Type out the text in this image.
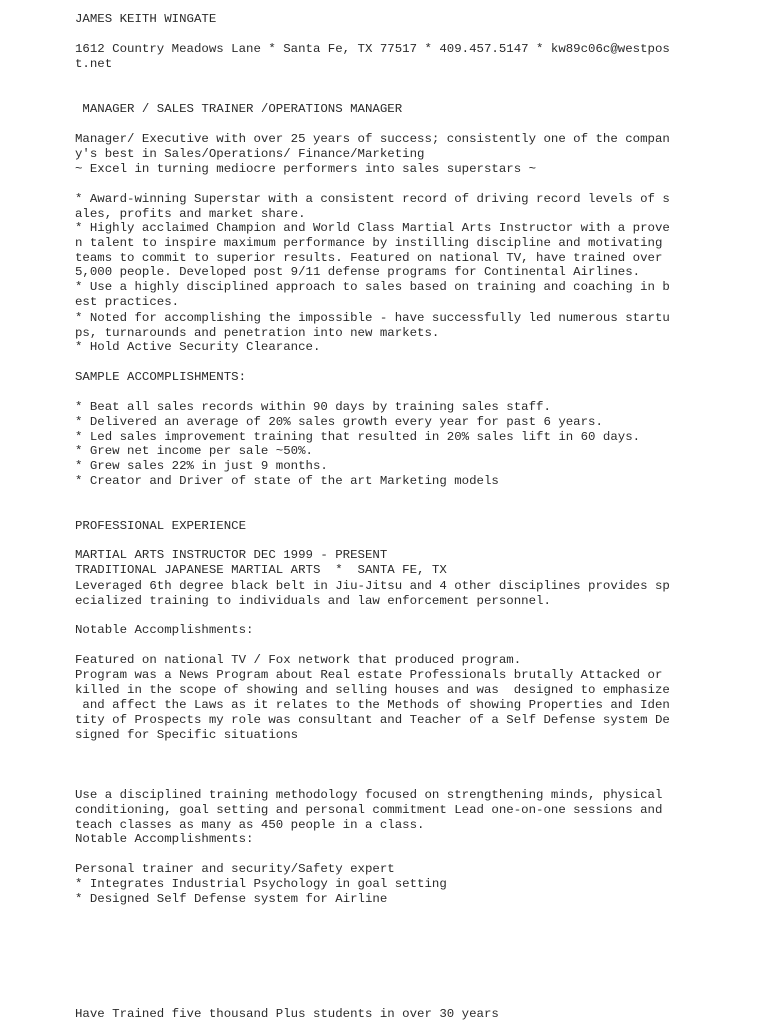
JAMES KEITH WINGATE
1612 Country Meadows Lane * Santa Fe, TX 77517 * 409.457.5147 * kw89c06c@westpos
t.net
MANAGER / SALES TRAINER /OPERATIONS MANAGER
Manager/ Executive with over 25 years of success; consistently one of the compan
y's best in Sales/Operations/ Finance/Marketing
~ Excel in turning mediocre performers into sales superstars ~
* Award-winning Superstar with a consistent record of driving record levels of s
ales, profits and market share.
* Highly acclaimed Champion and World Class Martial Arts Instructor with a prove
n talent to inspire maximum performance by instilling discipline and motivating
teams to commit to superior results. Featured on national TV, have trained over
5,000 people. Developed post 9/11 defense programs for Continental Airlines.
* Use a highly disciplined approach to sales based on training and coaching in b
est practices.
* Noted for accomplishing the impossible - have successfully led numerous startu
ps, turnarounds and penetration into new markets.
* Hold Active Security Clearance.
SAMPLE ACCOMPLISHMENTS:
* Beat all sales records within 90 days by training sales staff.
* Delivered an average of 20% sales growth every year for past 6 years.
* Led sales improvement training that resulted in 20% sales lift in 60 days.
* Grew net income per sale ~50%.
* Grew sales 22% in just 9 months.
* Creator and Driver of state of the art Marketing models
PROFESSIONAL EXPERIENCE
MARTIAL ARTS INSTRUCTOR DEC 1999 - PRESENT
TRADITIONAL JAPANESE MARTIAL ARTS  *  SANTA FE, TX
Leveraged 6th degree black belt in Jiu-Jitsu and 4 other disciplines provides sp
ecialized training to individuals and law enforcement personnel.
Notable Accomplishments:
Featured on national TV / Fox network that produced program.
Program was a News Program about Real estate Professionals brutally Attacked or
killed in the scope of showing and selling houses and was  designed to emphasize
and affect the Laws as it relates to the Methods of showing Properties and Iden
tity of Prospects my role was consultant and Teacher of a Self Defense system De
signed for Specific situations
Use a disciplined training methodology focused on strengthening minds, physical
conditioning, goal setting and personal commitment Lead one-on-one sessions and
teach classes as many as 450 people in a class.
Notable Accomplishments:
Personal trainer and security/Safety expert
* Integrates Industrial Psychology in goal setting
* Designed Self Defense system for Airline
Have Trained five thousand Plus students in over 30 years
